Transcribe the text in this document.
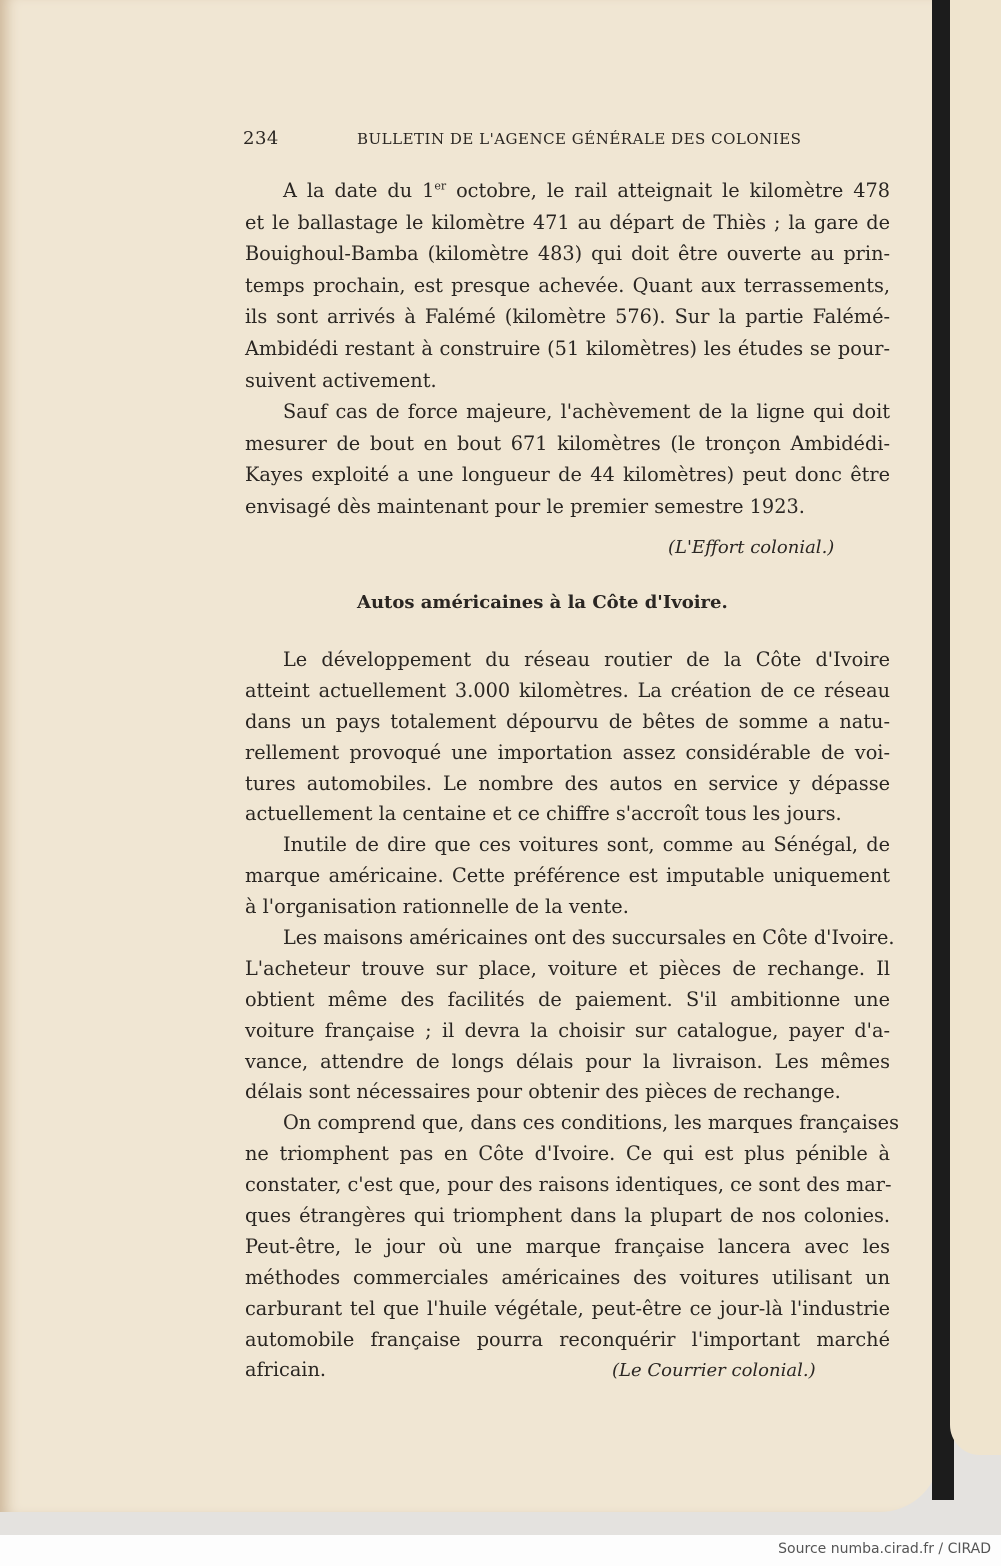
234	BULLETIN DE L'AGENCE GÉNÉRALE DES COLONIES
A la date du 1er octobre, le rail atteignait le kilomètre 478
et le ballastage le kilomètre 471 au départ de Thiès ; la gare de
Bouighoul-Bamba (kilomètre 483) qui doit être ouverte au prin-
temps prochain, est presque achevée. Quant aux terrassements,
ils sont arrivés à Falémé (kilomètre 576). Sur la partie Falémé-
Ambidédi restant à construire (51 kilomètres) les études se pour-
suivent activement.
Sauf cas de force majeure, l'achèvement de la ligne qui doit
mesurer de bout en bout 671 kilomètres (le tronçon Ambidédi-
Kayes exploité a une longueur de 44 kilomètres) peut donc être
envisagé dès maintenant pour le premier semestre 1923.
(L'Effort colonial.)
Autos américaines à la Côte d'Ivoire.
Le développement du réseau routier de la Côte d'Ivoire
atteint actuellement 3.000 kilomètres. La création de ce réseau
dans un pays totalement dépourvu de bêtes de somme a natu-
rellement provoqué une importation assez considérable de voi-
tures automobiles. Le nombre des autos en service y dépasse
actuellement la centaine et ce chiffre s'accroît tous les jours.
Inutile de dire que ces voitures sont, comme au Sénégal, de
marque américaine. Cette préférence est imputable uniquement
à l'organisation rationnelle de la vente.
Les maisons américaines ont des succursales en Côte d'Ivoire.
L'acheteur trouve sur place, voiture et pièces de rechange. Il
obtient même des facilités de paiement. S'il ambitionne une
voiture française ; il devra la choisir sur catalogue, payer d'a-
vance, attendre de longs délais pour la livraison. Les mêmes
délais sont nécessaires pour obtenir des pièces de rechange.
On comprend que, dans ces conditions, les marques françaises
ne triomphent pas en Côte d'Ivoire. Ce qui est plus pénible à
constater, c'est que, pour des raisons identiques, ce sont des mar-
ques étrangères qui triomphent dans la plupart de nos colonies.
Peut-être, le jour où une marque française lancera avec les
méthodes commerciales américaines des voitures utilisant un
carburant tel que l'huile végétale, peut-être ce jour-là l'industrie
automobile française pourra reconquérir l'important marché
africain.	(Le Courrier colonial.)
Source numba.cirad.fr / CIRAD
